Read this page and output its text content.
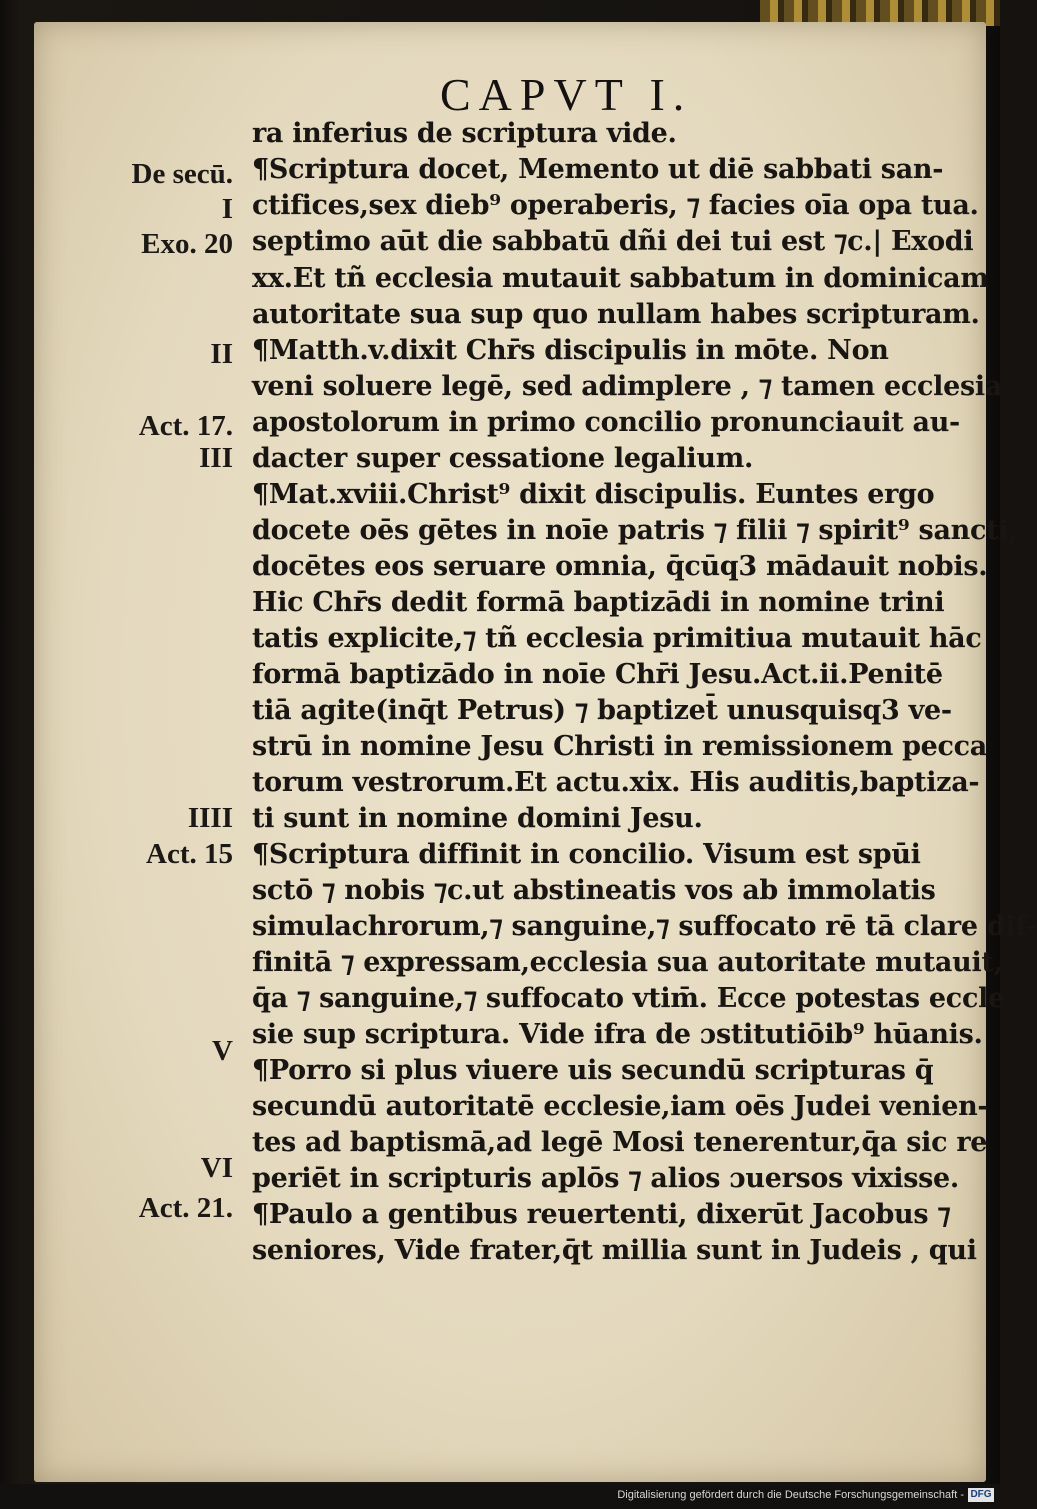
CAPVT I.
De secū.
I
Exo. 20
II
Act. 17.
III
IIII
Act. 15
V
VI
Act. 21.
ra inferius de scriptura vide.
¶Scriptura docet, Memento ut diē sabbati san-
ctifices,sex dieb⁹ operaberis, ⁊ facies oīa opa tua.
septimo aūt die sabbatū dñi dei tui est ⁊c.| Exodi
xx.Et tñ ecclesia mutauit sabbatum in dominicam
autoritate sua sup quo nullam habes scripturam.
¶Matth.v.dixit Chr̄s discipulis in mōte. Non
veni soluere legē, sed adimplere , ⁊ tamen ecclesia
apostolorum in primo concilio pronunciauit au-
dacter super cessatione legalium.
¶Mat.xviii.Christ⁹ dixit discipulis. Euntes ergo
docete oēs gētes in noīe patris ⁊ filii ⁊ spirit⁹ sancti,
docētes eos seruare omnia, q̄cūq3 mādauit nobis.
Hic Chr̄s dedit formā baptizādi in nomine trini
tatis explicite,⁊ tñ ecclesia primitiua mutauit hāc
formā baptizādo in noīe Chr̄i Jesu.Act.ii.Penitē
tiā agite(inq̄t Petrus) ⁊ baptizet̄ unusquisq3 ve-
strū in nomine Jesu Christi in remissionem pecca
torum vestrorum.Et actu.xix. His auditis,baptiza-
ti sunt in nomine domini Jesu.
¶Scriptura diffinit in concilio. Visum est spūi
sctō ⁊ nobis ⁊c.ut abstineatis vos ab immolatis
simulachrorum,⁊ sanguine,⁊ suffocato rē tā clare dif-
finitā ⁊ expressam,ecclesia sua autoritate mutauit,
q̄a ⁊ sanguine,⁊ suffocato vtim̄. Ecce potestas eccle
sie sup scriptura. Vide ifra de ɔstitutiōib⁹ hūanis.
¶Porro si plus viuere uis secundū scripturas q̄
secundū autoritatē ecclesie,iam oēs Judei venien-
tes ad baptismā,ad legē Mosi tenerentur,q̄a sic re
periēt in scripturis aplōs ⁊ alios ɔuersos vixisse.
¶Paulo a gentibus reuertenti, dixerūt Jacobus ⁊
seniores, Vide frater,q̄t millia sunt in Judeis , qui
Digitalisierung gefördert durch die Deutsche Forschungsgemeinschaft - DFG
